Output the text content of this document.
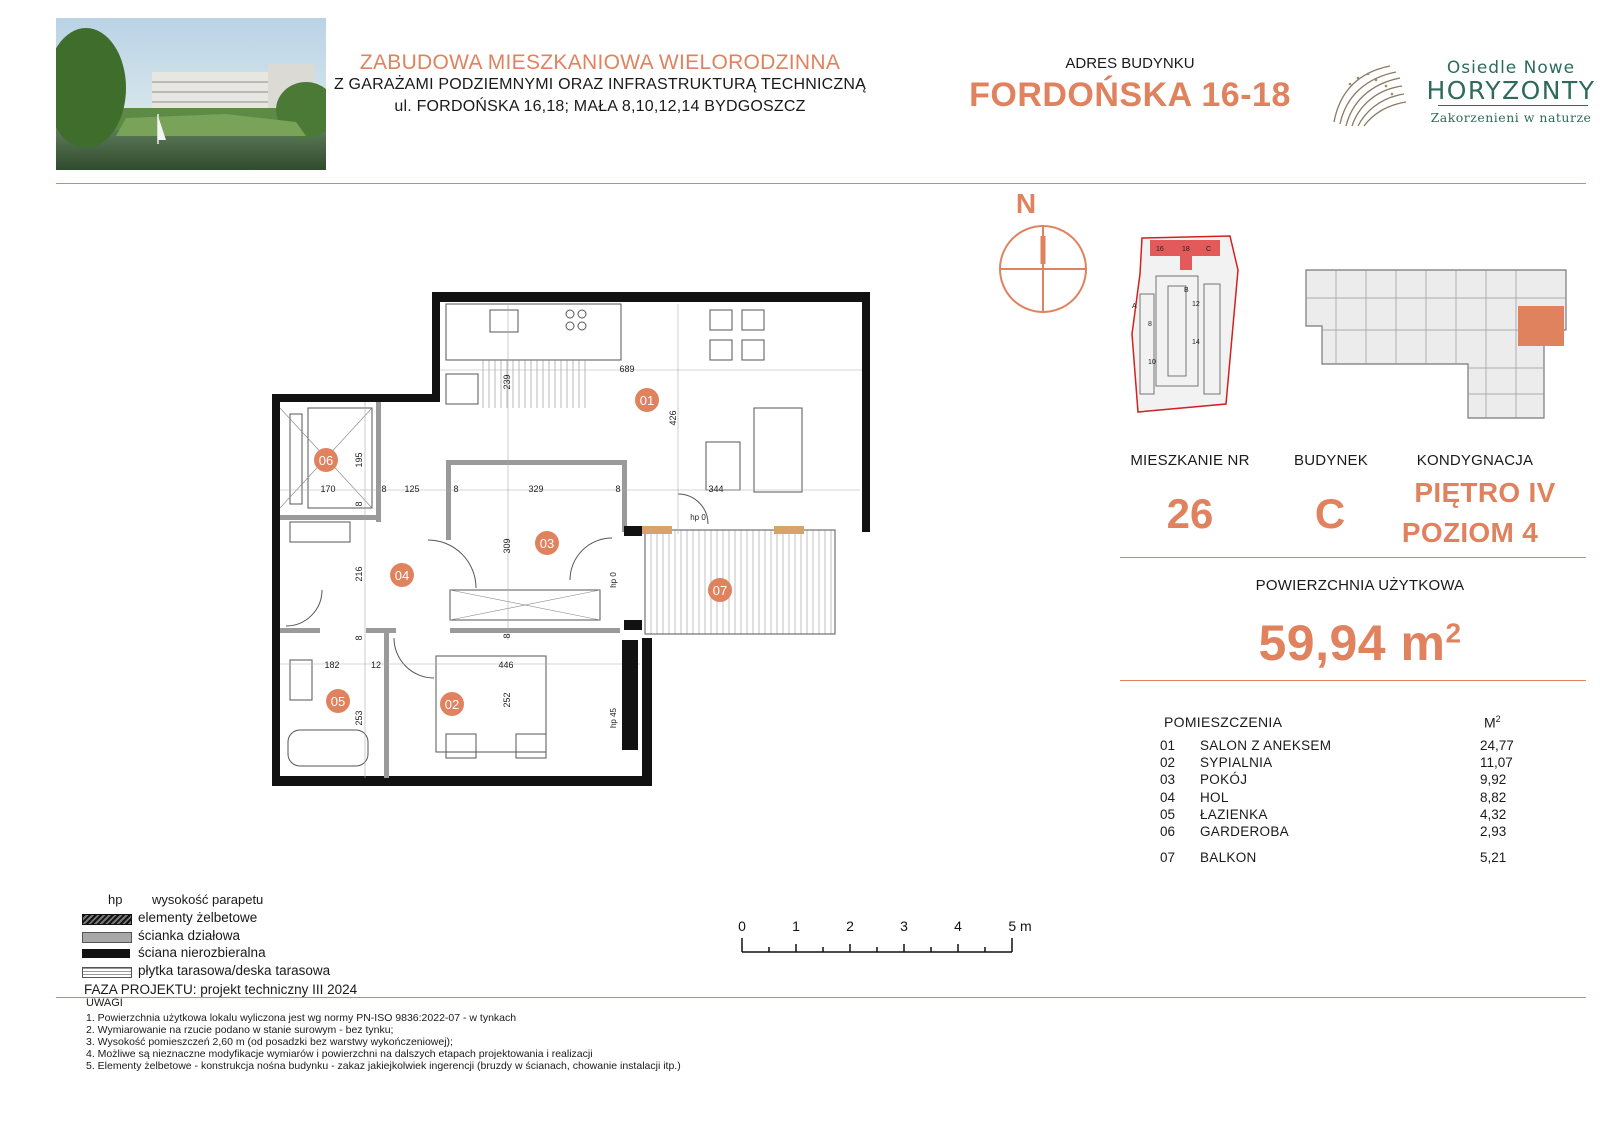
ZABUDOWA MIESZKANIOWA WIELORODZINNA
Z GARAŻAMI PODZIEMNYMI ORAZ INFRASTRUKTURĄ TECHNICZNĄ
ul. FORDOŃSKA 16,18; MAŁA 8,10,12,14 BYDGOSZCZ
ADRES BUDYNKU
FORDOŃSKA 16-18
Osiedle Nowe
HORYZONTY
Zakorzenieni w naturze
N
16	18 C
B
A	12
14
8
10
MIESZKANIE NR	BUDYNEK	KONDYGNACJA
26	C	PIĘTRO IV
POZIOM 4
POWIERZCHNIA UŻYTKOWA
59,94 $m^2$
POMIESZCZENIA	$M^2$
01 SALON Z ANEKSEM	24,77
02 SYPIALNIA	11,07
03 POKÓJ	9,92
04 HOL	8,82
05 ŁAZIENKA	4,32
06 GARDEROBA	2,93
07 BALKON	5,21
689
426
239
195
170	8 125	8	329	8	344
309
216
8
182	12	446
252
253
8
8
hp 0
hp 0
hp 45
01
02
03
04
05
06
07
0	1	2	3	4	5 m
hp wysokość parapetu
elementy żelbetowe
ścianka działowa
ściana nierozbieralna
płytka tarasowa/deska tarasowa
FAZA PROJEKTU: projekt techniczny III 2024
UWAGI
1. Powierzchnia użytkowa lokalu wyliczona jest wg normy PN-ISO 9836:2022-07 - w tynkach
2. Wymiarowanie na rzucie podano w stanie surowym - bez tynku;
3. Wysokość pomieszczeń 2,60 m (od posadzki bez warstwy wykończeniowej);
4. Możliwe są nieznaczne modyfikacje wymiarów i powierzchni na dalszych etapach projektowania i realizacji
5. Elementy żelbetowe - konstrukcja nośna budynku - zakaz jakiejkolwiek ingerencji (bruzdy w ścianach, chowanie instalacji itp.)
